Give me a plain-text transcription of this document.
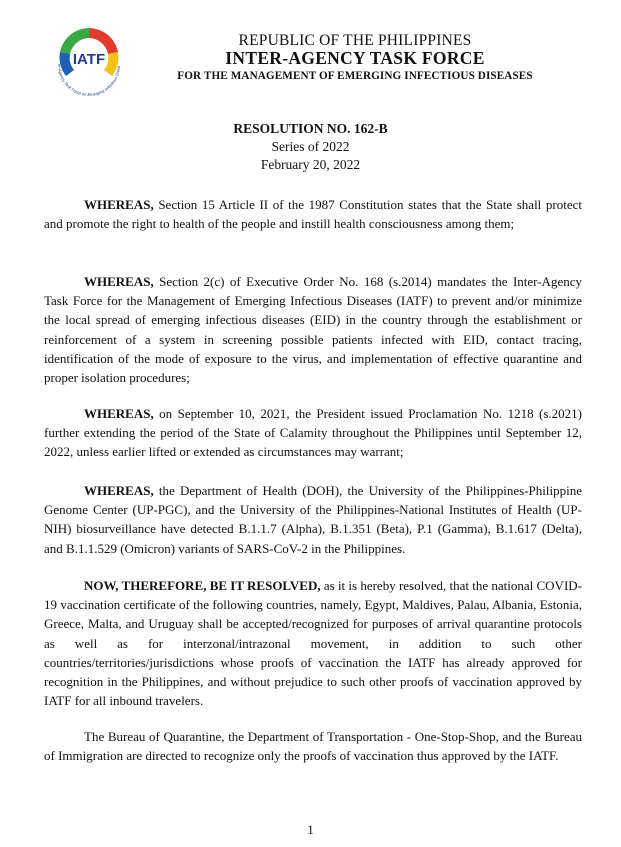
IATF
er-Agency Task Force on Emerging Infectious Disea
REPUBLIC OF THE PHILIPPINES
INTER-AGENCY TASK FORCE
FOR THE MANAGEMENT OF EMERGING INFECTIOUS DISEASES
RESOLUTION NO. 162-B
Series of 2022
February 20, 2022

WHEREAS, Section 15 Article II of the 1987 Constitution states that the State shall protect and promote the right to health of the people and instill health consciousness among them;

WHEREAS, Section 2(c) of Executive Order No. 168 (s.2014) mandates the Inter-Agency Task Force for the Management of Emerging Infectious Diseases (IATF) to prevent and/or minimize the local spread of emerging infectious diseases (EID) in the country through the establishment or reinforcement of a system in screening possible patients infected with EID, contact tracing, identification of the mode of exposure to the virus, and implementation of effective quarantine and proper isolation procedures;

WHEREAS, on September 10, 2021, the President issued Proclamation No. 1218 (s.2021) further extending the period of the State of Calamity throughout the Philippines until September 12, 2022, unless earlier lifted or extended as circumstances may warrant;

WHEREAS, the Department of Health (DOH), the University of the Philippines-Philippine Genome Center (UP-PGC), and the University of the Philippines-National Institutes of Health (UP-NIH) biosurveillance have detected B.1.1.7 (Alpha), B.1.351 (Beta), P.1 (Gamma), B.1.617 (Delta), and B.1.1.529 (Omicron) variants of SARS-CoV-2 in the Philippines.

NOW, THEREFORE, BE IT RESOLVED, as it is hereby resolved, that the national COVID-19 vaccination certificate of the following countries, namely, Egypt, Maldives, Palau, Albania, Estonia, Greece, Malta, and Uruguay shall be accepted/recognized for purposes of arrival quarantine protocols as well as for interzonal/intrazonal movement, in addition to such other countries/territories/jurisdictions whose proofs of vaccination the IATF has already approved for recognition in the Philippines, and without prejudice to such other proofs of vaccination approved by IATF for all inbound travelers.

The Bureau of Quarantine, the Department of Transportation - One-Stop-Shop, and the Bureau of Immigration are directed to recognize only the proofs of vaccination thus approved by the IATF.

1
